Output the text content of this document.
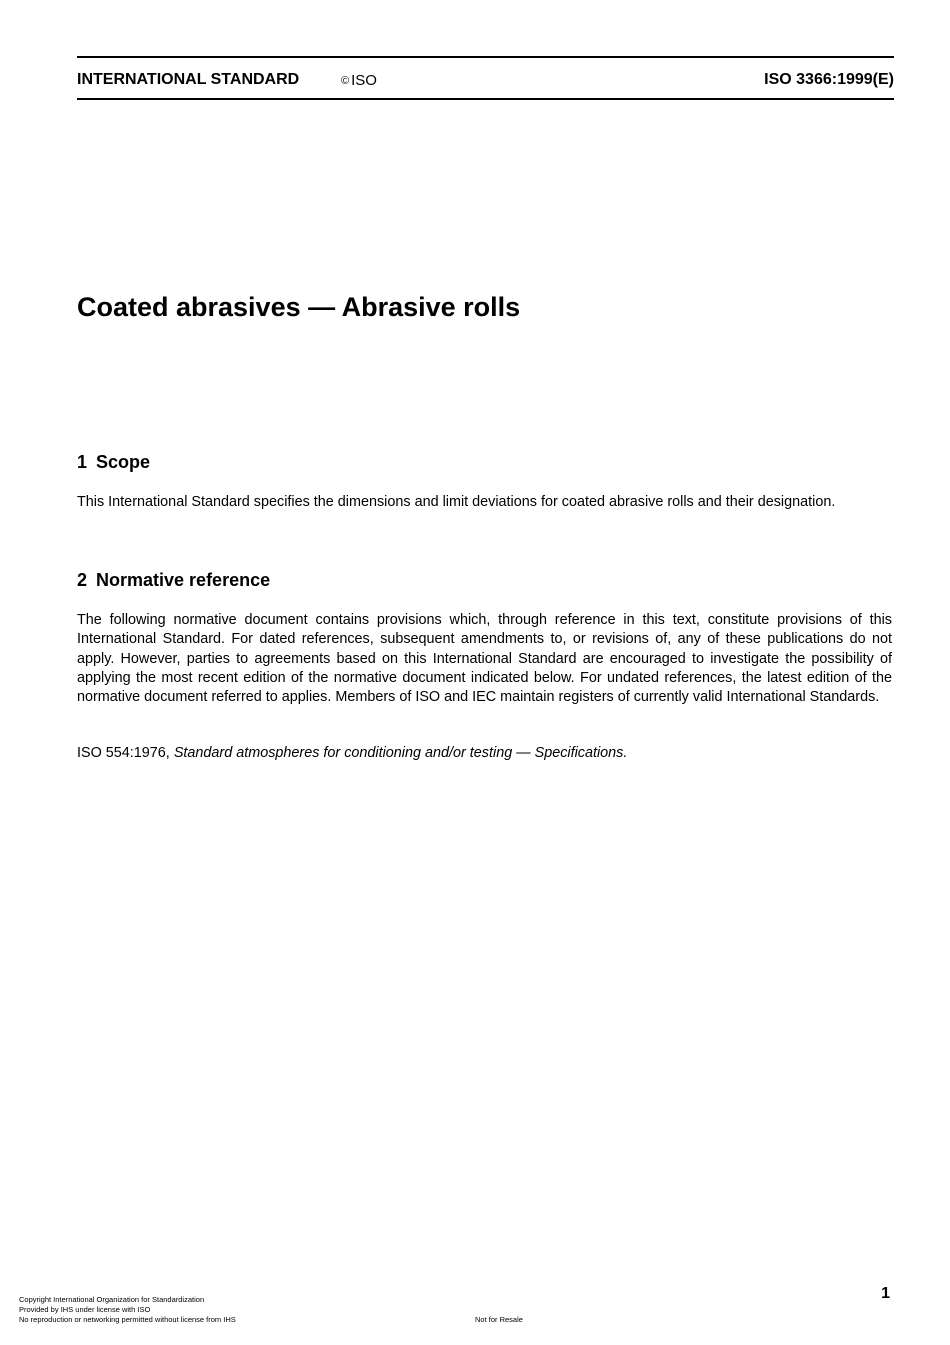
INTERNATIONAL STANDARD	© ISO	ISO 3366:1999(E)
Coated abrasives — Abrasive rolls
1 Scope

This International Standard specifies the dimensions and limit deviations for coated abrasive rolls and their designation.

2 Normative reference

The following normative document contains provisions which, through reference in this text, constitute provisions of this International Standard. For dated references, subsequent amendments to, or revisions of, any of these publications do not apply. However, parties to agreements based on this International Standard are encouraged to investigate the possibility of applying the most recent edition of the normative document indicated below. For undated references, the latest edition of the normative document referred to applies. Members of ISO and IEC maintain registers of currently valid International Standards.

ISO 554:1976, Standard atmospheres for conditioning and/or testing — Specifications.

Copyright International Organization for Standardization
Provided by IHS under license with ISO
No reproduction or networking permitted without license from IHS	Not for Resale
1
